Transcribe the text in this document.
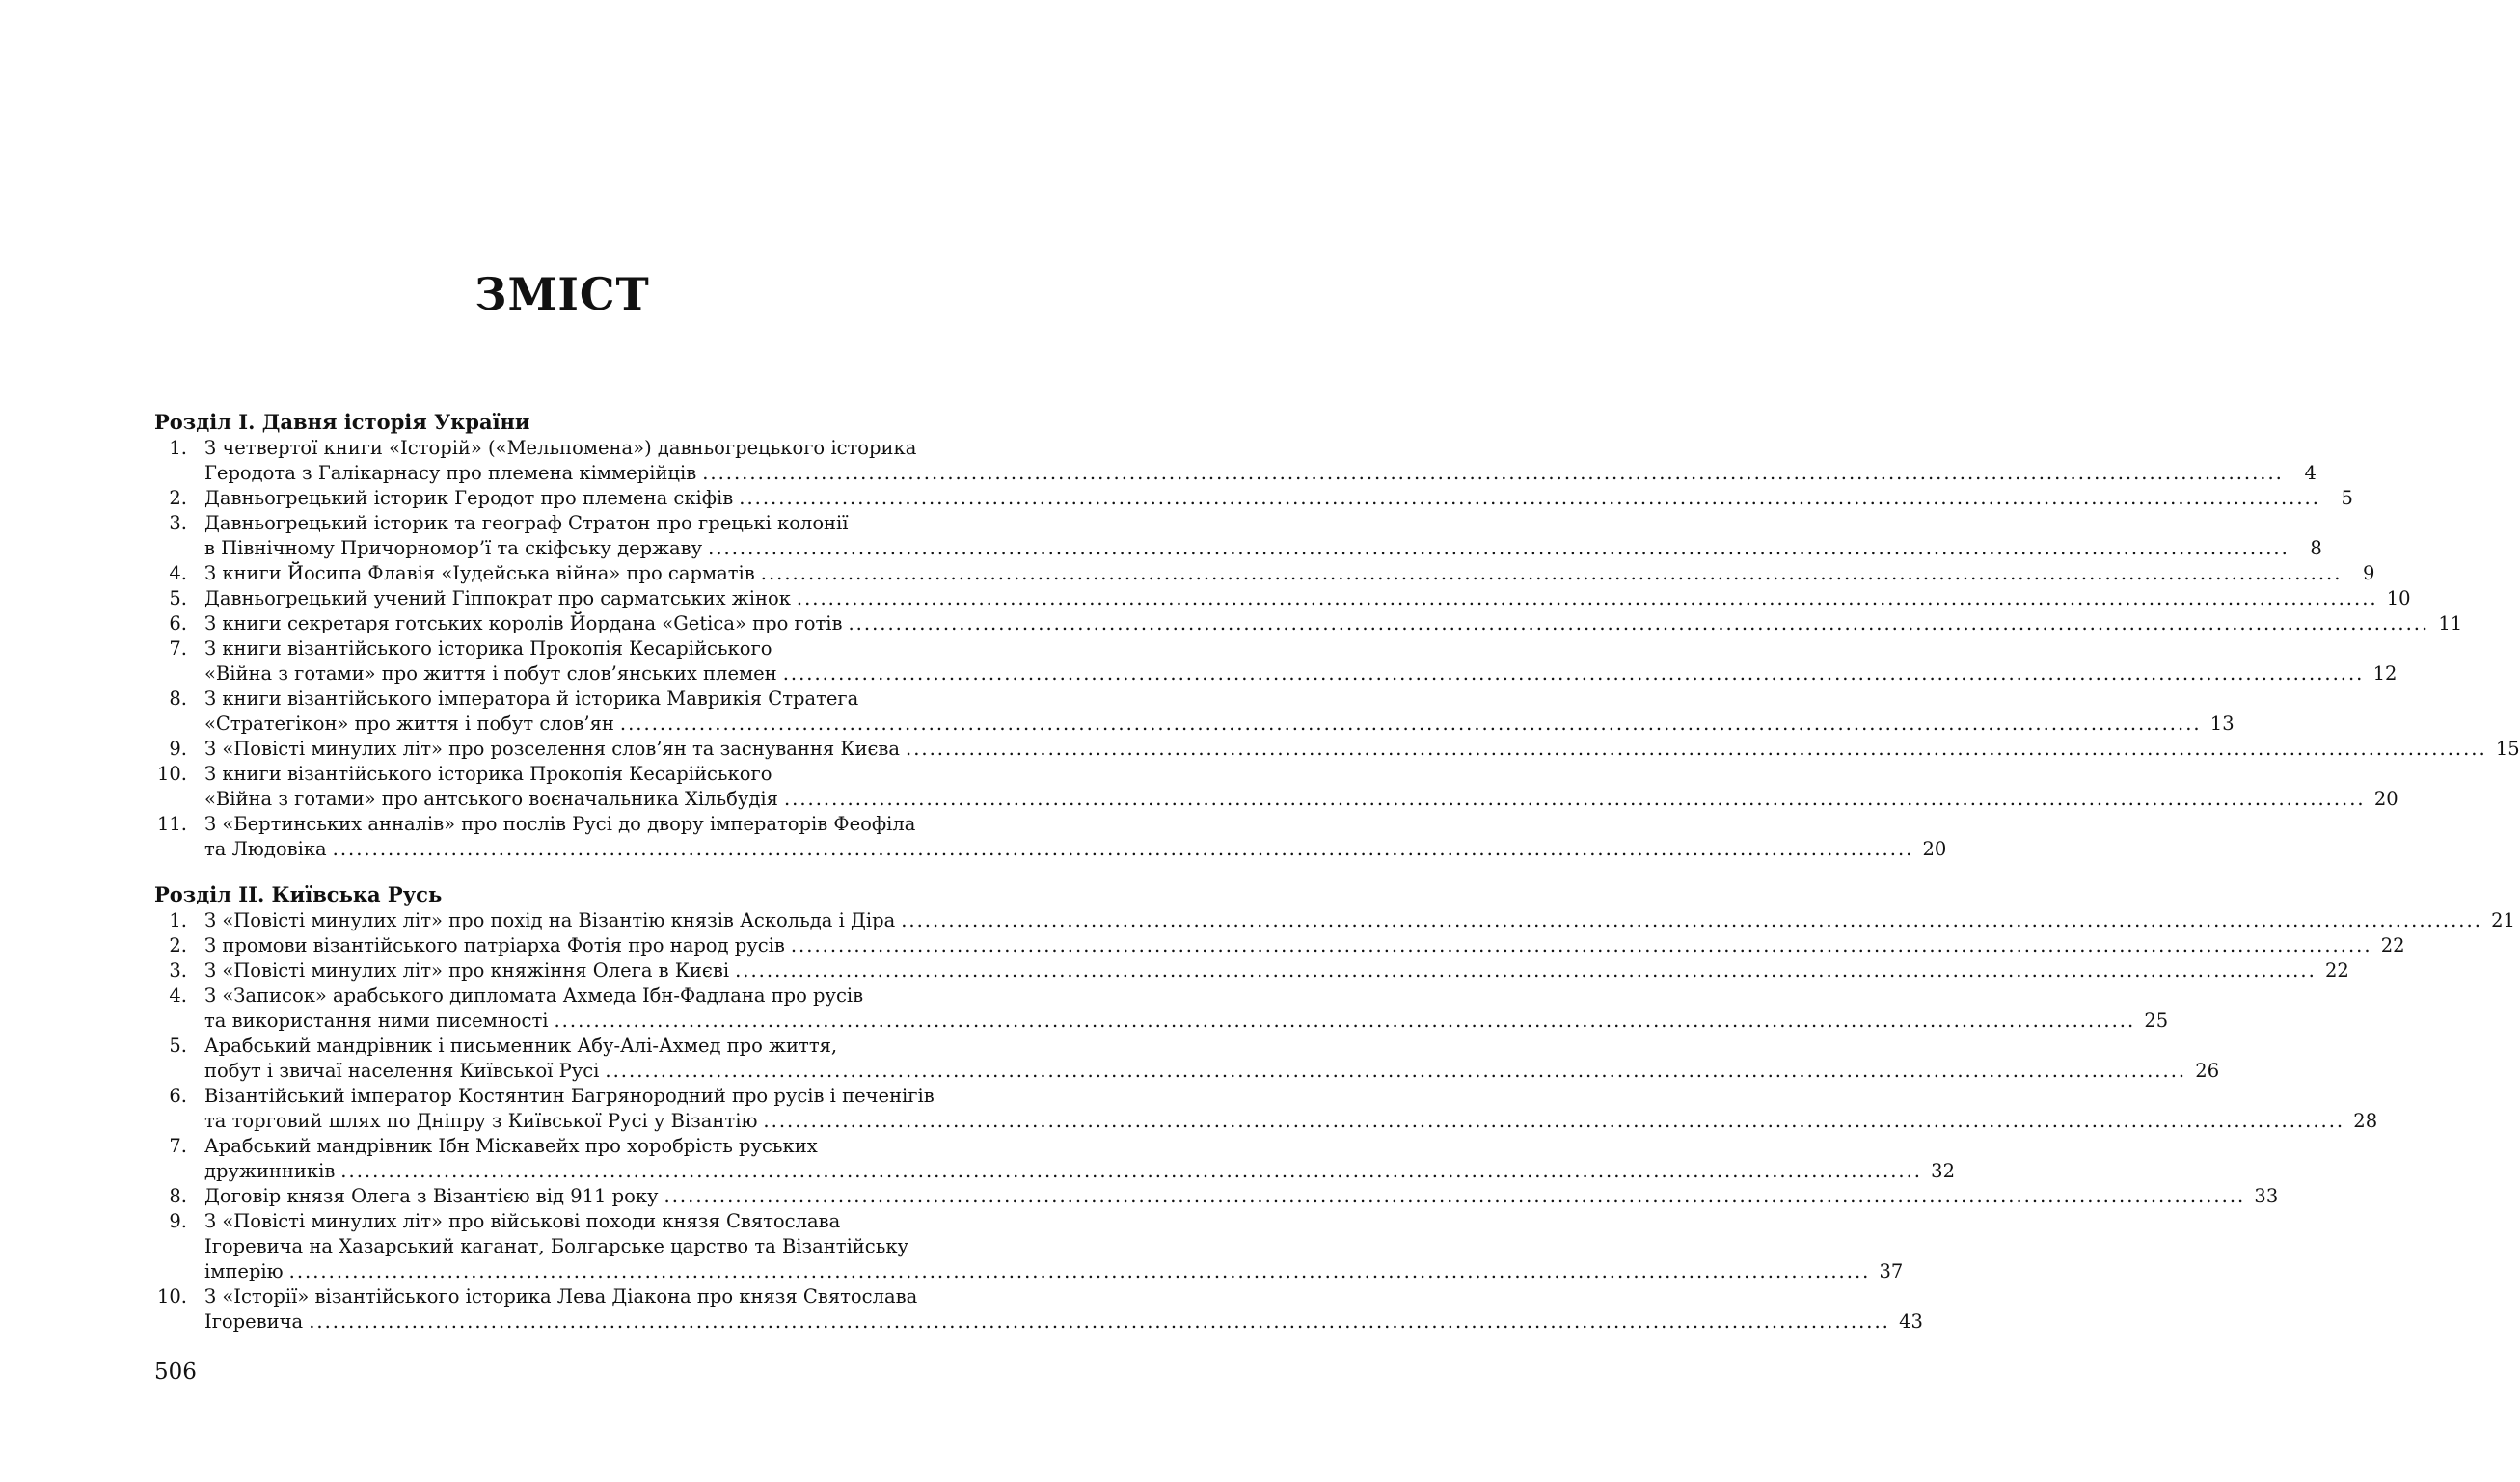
ЗМІСТ
Розділ І. Давня історія України
1. З четвертої книги «Історій» («Мельпомена») давньогрецького історика
Геродота з Галікарнасу про племена кіммерійців ........................................................................................................................................................................................................	4
2. Давньогрецький історик Геродот про племена скіфів ........................................................................................................................................................................................................	5
3. Давньогрецький історик та географ Стратон про грецькі колонії
в Північному Причорномор’ї та скіфську державу ........................................................................................................................................................................................................	8
4. З книги Йосипа Флавія «Іудейська війна» про сарматів ........................................................................................................................................................................................................	9
5. Давньогрецький учений Гіппократ про сарматських жінок ........................................................................................................................................................................................................ 10
6. З книги секретаря готських королів Йордана «Getica» про готів ........................................................................................................................................................................................................ 11
7. З книги візантійського історика Прокопія Кесарійського
«Війна з готами» про життя і побут слов’янських племен ........................................................................................................................................................................................................ 12
8. З книги візантійського імператора й історика Маврикія Стратега
«Стратегікон» про життя і побут слов’ян ........................................................................................................................................................................................................ 13
9. З «Повісті минулих літ» про розселення слов’ян та заснування Києва ........................................................................................................................................................................................................ 15
10. З книги візантійського історика Прокопія Кесарійського
«Війна з готами» про антського воєначальника Хільбудія ........................................................................................................................................................................................................ 20
11. З «Бертинських анналів» про послів Русі до двору імператорів Феофіла
та Людовіка ........................................................................................................................................................................................................ 20
Розділ ІІ. Київська Русь
1. З «Повісті минулих літ» про похід на Візантію князів Аскольда і Діра ........................................................................................................................................................................................................ 21
2. З промови візантійського патріарха Фотія про народ русів ........................................................................................................................................................................................................ 22
3. З «Повісті минулих літ» про княжіння Олега в Києві ........................................................................................................................................................................................................ 22
4. З «Записок» арабського дипломата Ахмеда Ібн-Фадлана про русів
та використання ними писемності ........................................................................................................................................................................................................ 25
5. Арабський мандрівник і письменник Абу-Алі-Ахмед про життя,
побут і звичаї населення Київської Русі ........................................................................................................................................................................................................ 26
6. Візантійський імператор Костянтин Багрянородний про русів і печенігів
та торговий шлях по Дніпру з Київської Русі у Візантію ........................................................................................................................................................................................................ 28
7. Арабський мандрівник Ібн Міскавейх про хоробрість руських
дружинників ........................................................................................................................................................................................................ 32
8. Договір князя Олега з Візантією від 911 року ........................................................................................................................................................................................................ 33
9. З «Повісті минулих літ» про військові походи князя Святослава
Ігоревича на Хазарський каганат, Болгарське царство та Візантійську
імперію ........................................................................................................................................................................................................ 37
10. З «Історії» візантійського історика Лева Діакона про князя Святослава
Ігоревича ........................................................................................................................................................................................................ 43

506
